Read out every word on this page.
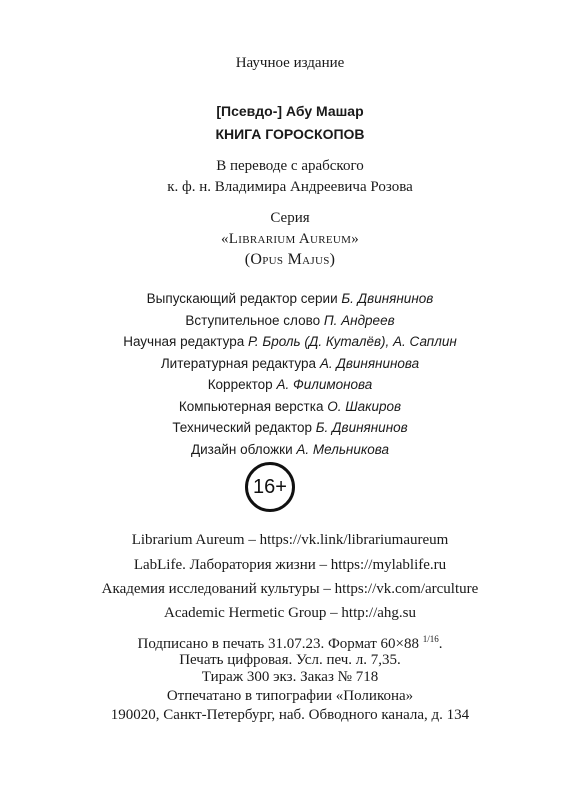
Научное издание
[Псевдо-] Абу Машар
КНИГА ГОРОСКОПОВ
В переводе с арабского
к. ф. н. Владимира Андреевича Розова
Серия
«Librarium Aureum»
(Opus Majus)
Выпускающий редактор серии Б. Двинянинов
Вступительное слово П. Андреев
Научная редактура Р. Броль (Д. Куталёв), А. Саплин
Литературная редактура А. Двинянинова
Корректор А. Филимонова
Компьютерная верстка О. Шакиров
Технический редактор Б. Двинянинов
Дизайн обложки А. Мельникова
16+
Librarium Aureum – https://vk.link/librariumaureum
LabLife. Лаборатория жизни – https://mylablife.ru
Академия исследований культуры – https://vk.com/arculture
Academic Hermetic Group – http://ahg.su
Подписано в печать 31.07.23. Формат 60×88 $^{1/16}$.
Печать цифровая. Усл. печ. л. 7,35.
Тираж 300 экз. Заказ № 718
Отпечатано в типографии «Поликона»
190020, Санкт-Петербург, наб. Обводного канала, д. 134
